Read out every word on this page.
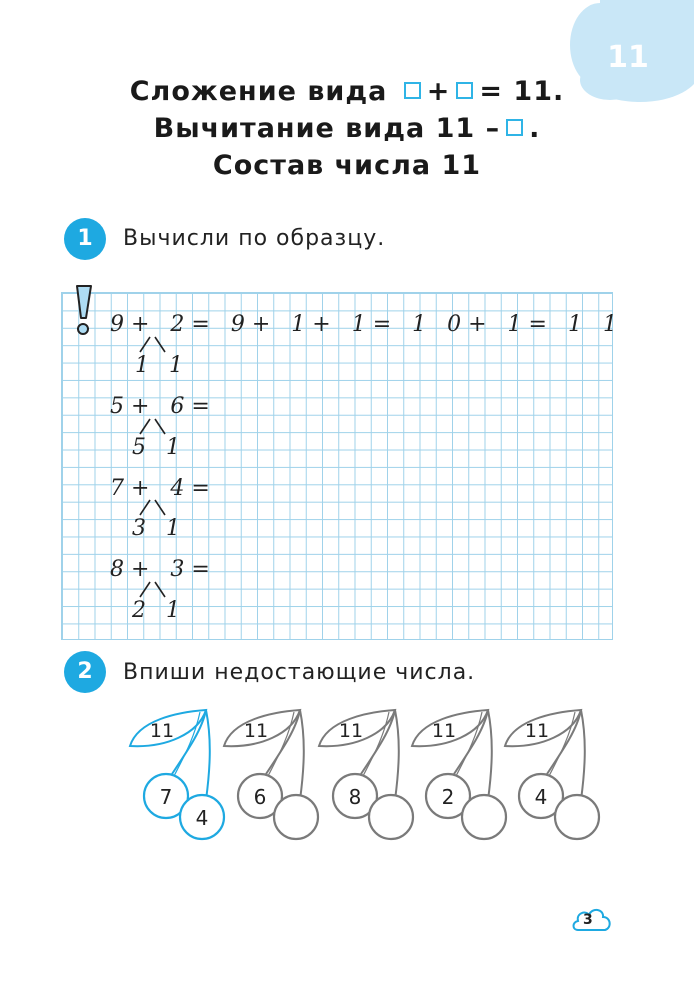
11
Сложение вида + = 11.
Вычитание вида 11 – .
Состав числа 11
1	Вычисли по образцу.
9+ 2= 9+ 1+ 1= 1 0+ 1= 1 1
11
5+ 6=
51
7+ 4=
31
8+ 3=
21
2	Впиши недостающие числа.
11
7
4
11
6
11
8
11
2
11
4
3
